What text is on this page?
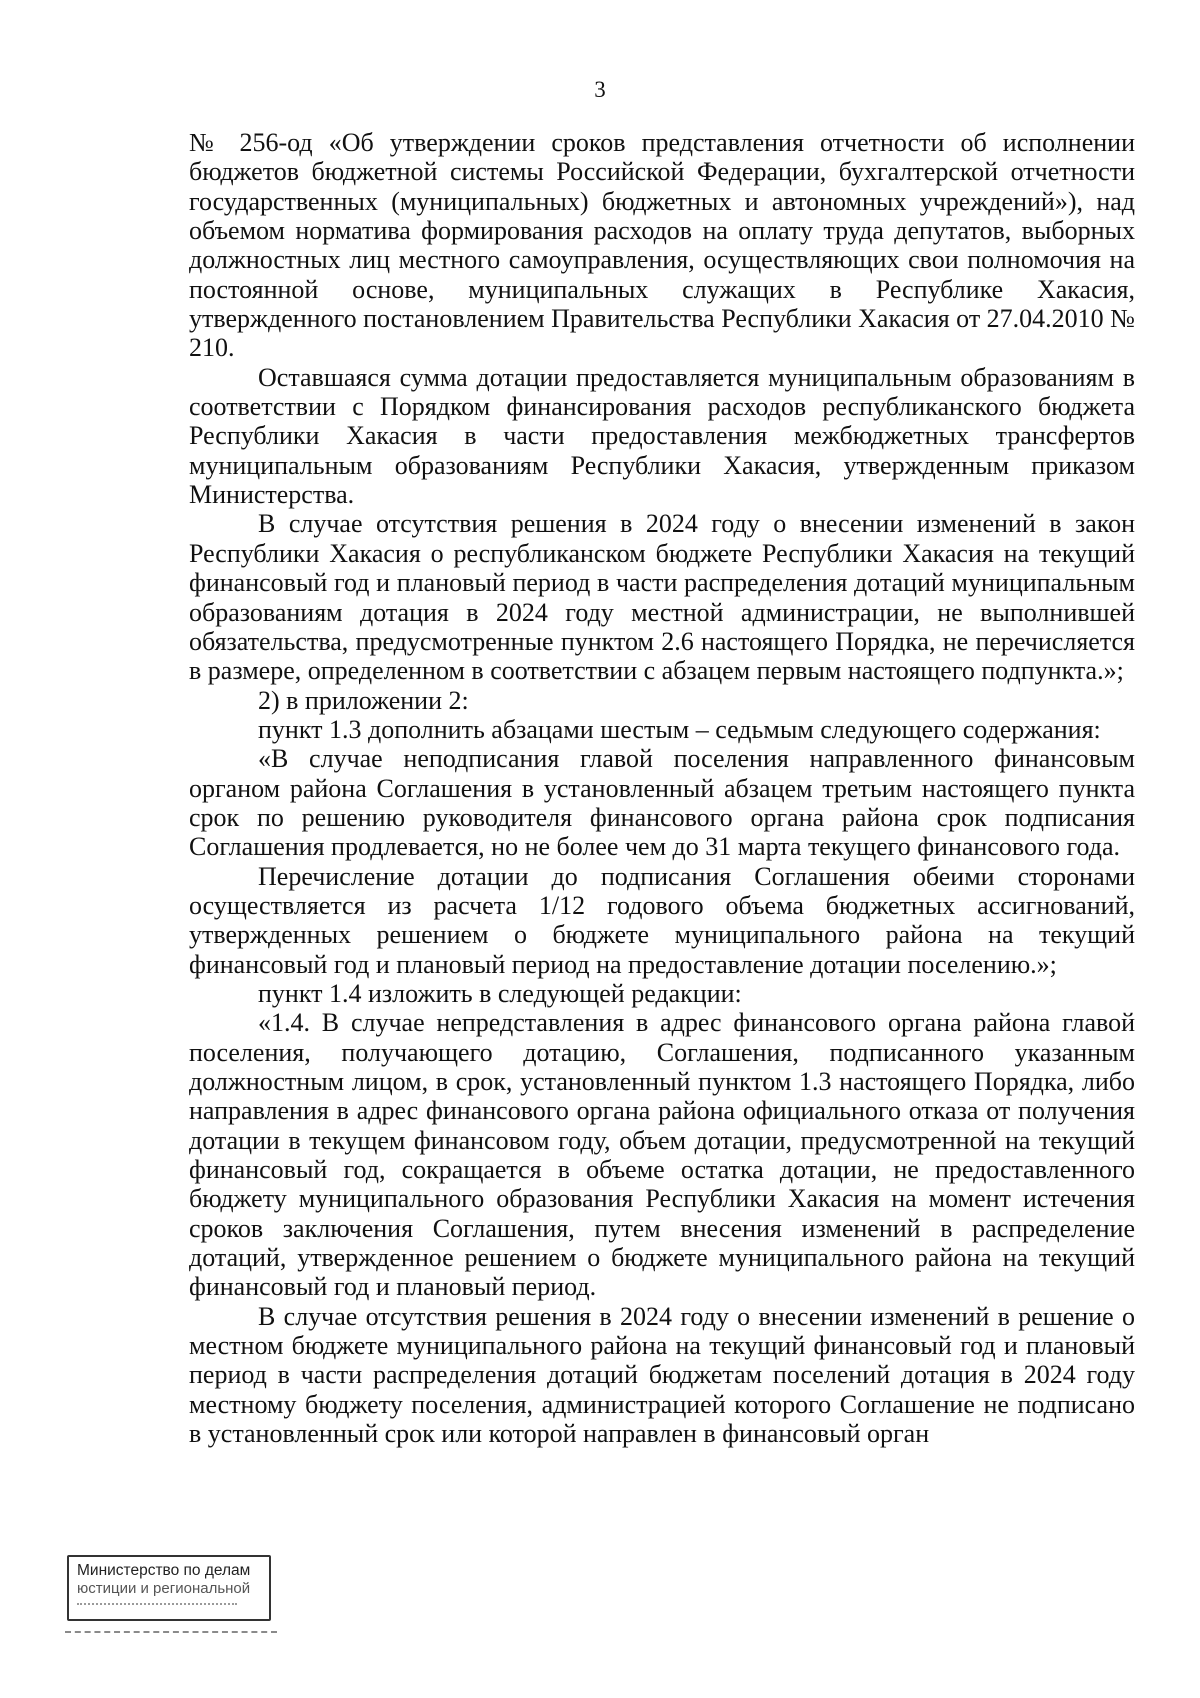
3

№ 256-од «Об утверждении сроков представления отчетности об исполнении бюджетов бюджетной системы Российской Федерации, бухгалтерской отчетности государственных (муниципальных) бюджетных и автономных учреждений»), над объемом норматива формирования расходов на оплату труда депутатов, выборных должностных лиц местного самоуправления, осуществляющих свои полномочия на постоянной основе, муниципальных служащих в Республике Хакасия, утвержденного постановлением Правительства Республики Хакасия от 27.04.2010 № 210.

Оставшаяся сумма дотации предоставляется муниципальным образованиям в соответствии с Порядком финансирования расходов республиканского бюджета Республики Хакасия в части предоставления межбюджетных трансфертов муниципальным образованиям Республики Хакасия, утвержденным приказом Министерства.

В случае отсутствия решения в 2024 году о внесении изменений в закон Республики Хакасия о республиканском бюджете Республики Хакасия на текущий финансовый год и плановый период в части распределения дотаций муниципальным образованиям дотация в 2024 году местной администрации, не выполнившей обязательства, предусмотренные пунктом 2.6 настоящего Порядка, не перечисляется в размере, определенном в соответствии с абзацем первым настоящего подпункта.»;

2) в приложении 2:

пункт 1.3 дополнить абзацами шестым – седьмым следующего содержания:

«В случае неподписания главой поселения направленного финансовым органом района Соглашения в установленный абзацем третьим настоящего пункта срок по решению руководителя финансового органа района срок подписания Соглашения продлевается, но не более чем до 31 марта текущего финансового года.

Перечисление дотации до подписания Соглашения обеими сторонами осуществляется из расчета 1/12 годового объема бюджетных ассигнований, утвержденных решением о бюджете муниципального района на текущий финансовый год и плановый период на предоставление дотации поселению.»;

пункт 1.4 изложить в следующей редакции:

«1.4. В случае непредставления в адрес финансового органа района главой поселения, получающего дотацию, Соглашения, подписанного указанным должностным лицом, в срок, установленный пунктом 1.3 настоящего Порядка, либо направления в адрес финансового органа района официального отказа от получения дотации в текущем финансовом году, объем дотации, предусмотренной на текущий финансовый год, сокращается в объеме остатка дотации, не предоставленного бюджету муниципального образования Республики Хакасия на момент истечения сроков заключения Соглашения, путем внесения изменений в распределение дотаций, утвержденное решением о бюджете муниципального района на текущий финансовый год и плановый период.

В случае отсутствия решения в 2024 году о внесении изменений в решение о местном бюджете муниципального района на текущий финансовый год и плановый период в части распределения дотаций бюджетам поселений дотация в 2024 году местному бюджету поселения, администрацией которого Соглашение не подписано в установленный срок или которой направлен в финансовый орган

Министерство по делам
юстиции и региональной
